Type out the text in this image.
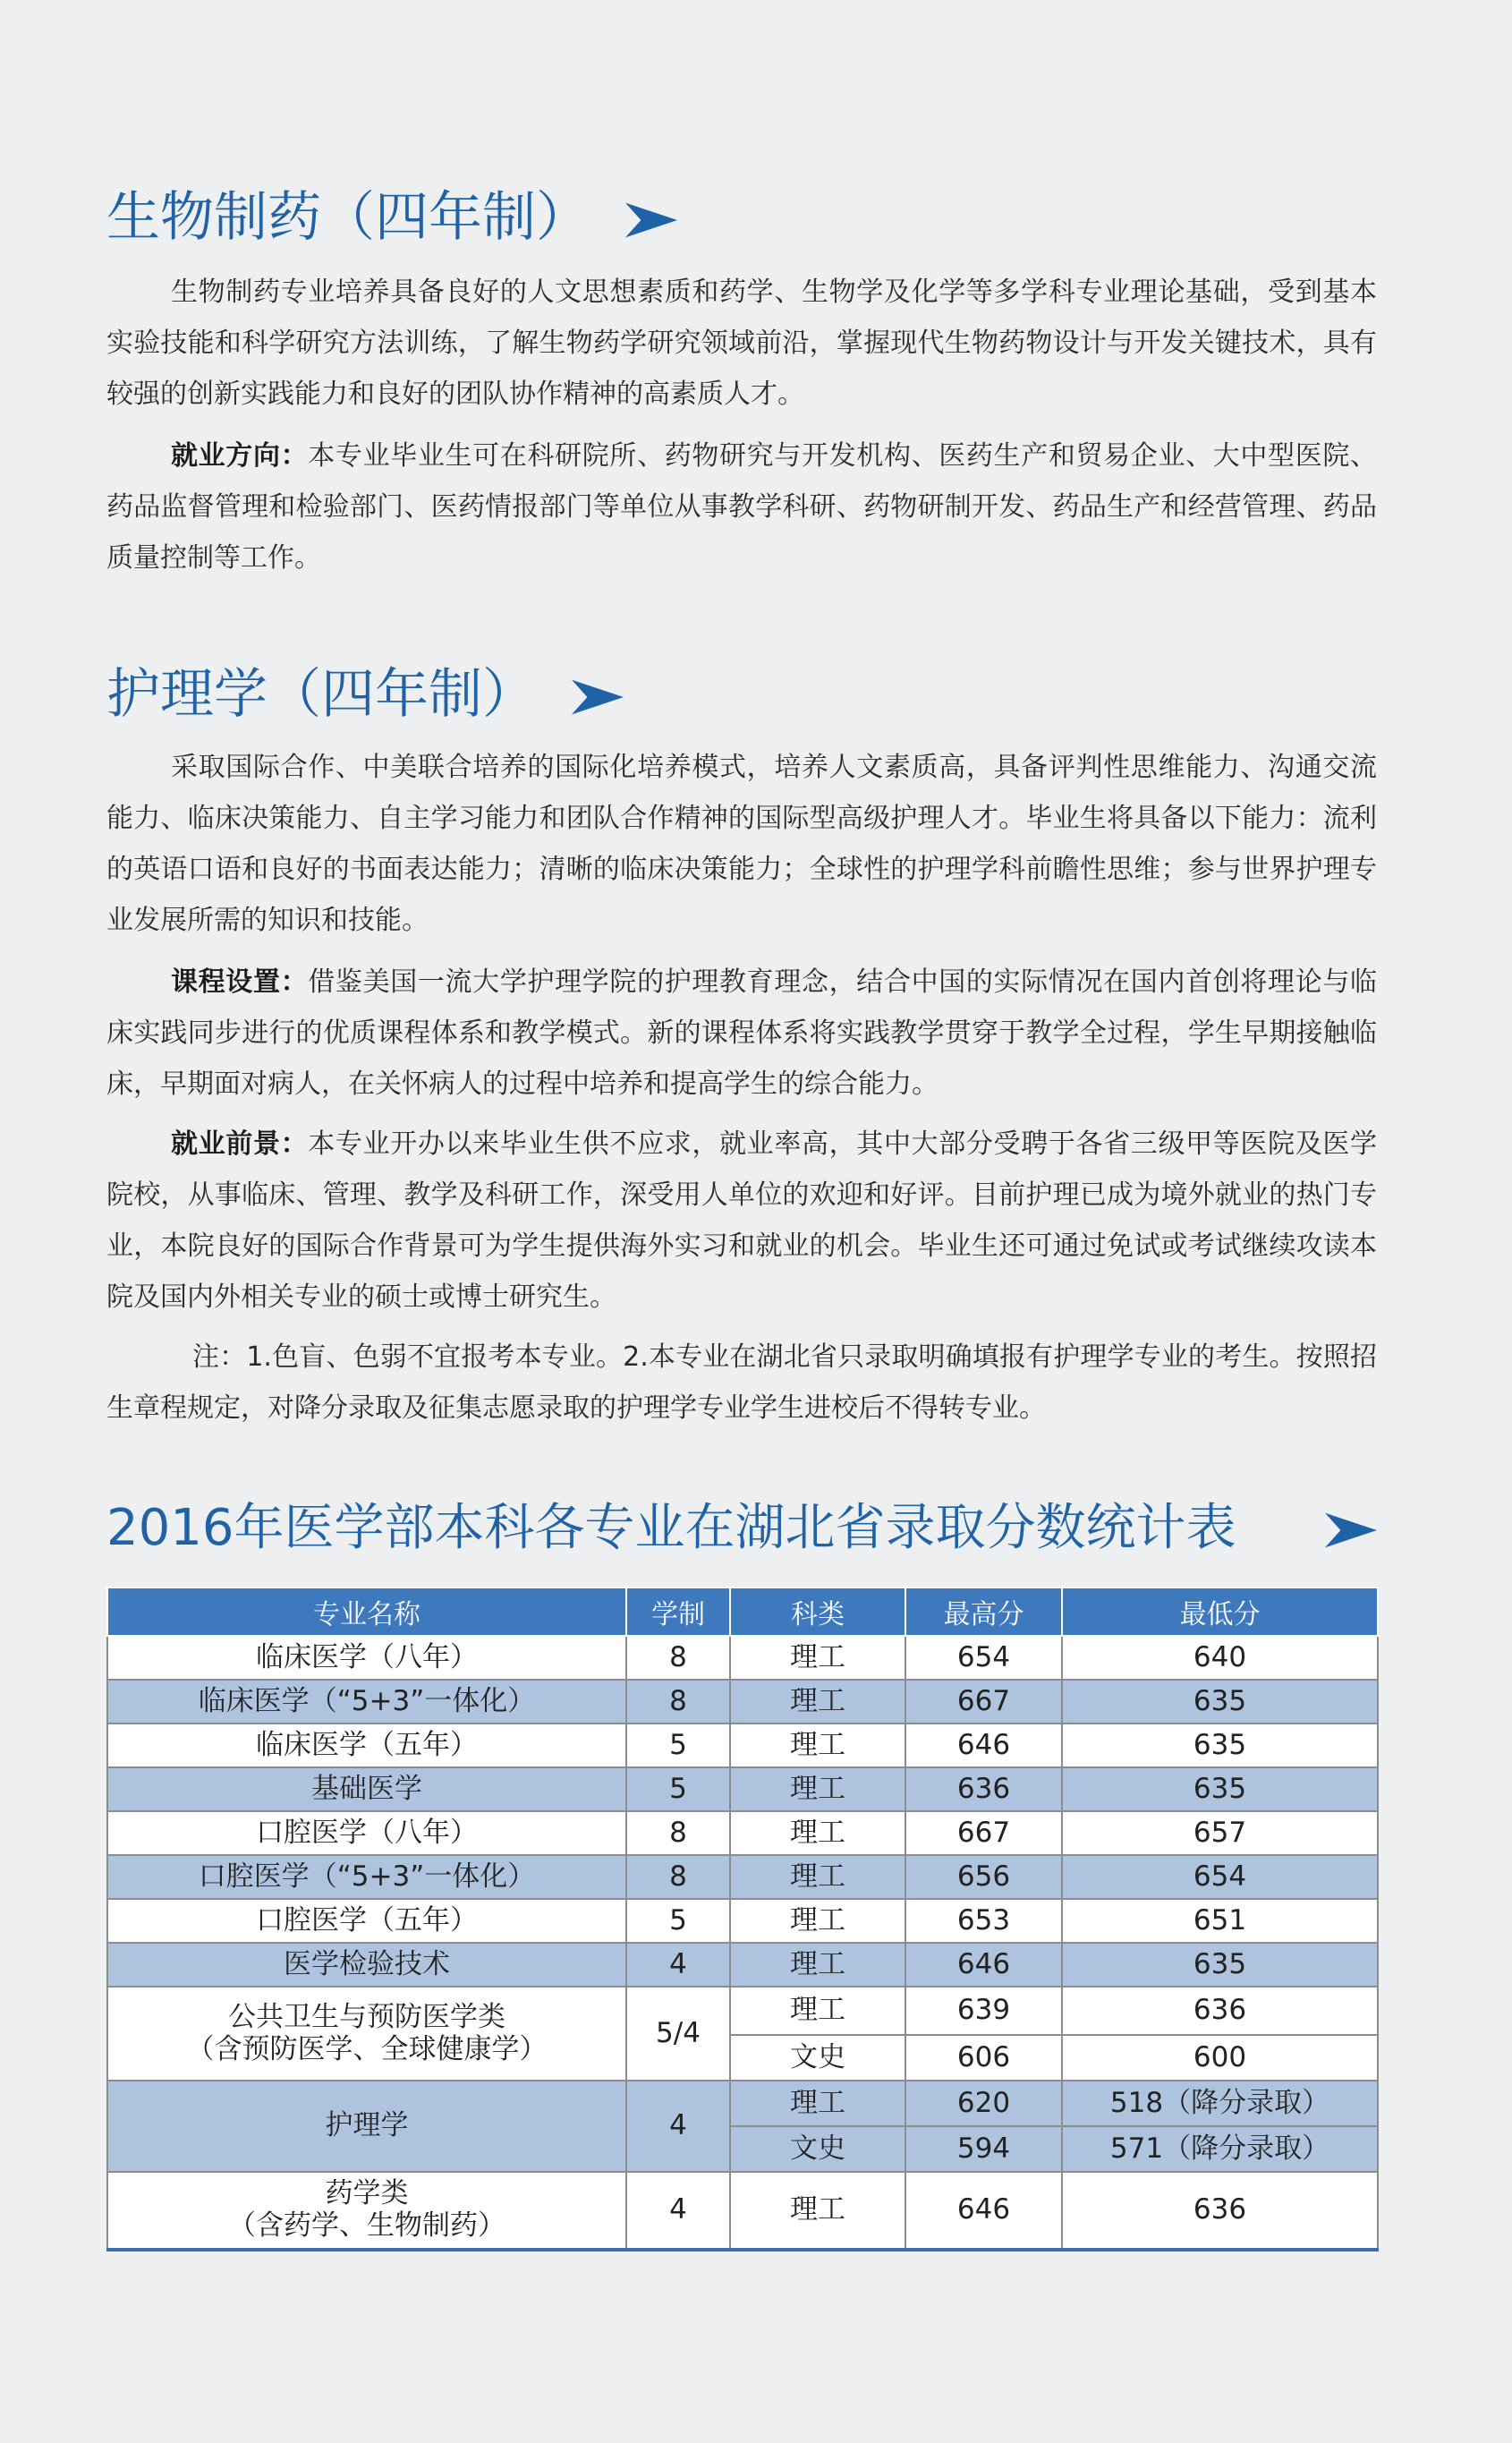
生物制药（四年制）

生物制药专业培养具备良好的人文思想素质和药学、生物学及化学等多学科专业理论基础，受到基本实验技能和科学研究方法训练，了解生物药学研究领域前沿，掌握现代生物药物设计与开发关键技术，具有较强的创新实践能力和良好的团队协作精神的高素质人才。

就业方向：本专业毕业生可在科研院所、药物研究与开发机构、医药生产和贸易企业、大中型医院、药品监督管理和检验部门、医药情报部门等单位从事教学科研、药物研制开发、药品生产和经营管理、药品质量控制等工作。

护理学（四年制）

采取国际合作、中美联合培养的国际化培养模式，培养人文素质高，具备评判性思维能力、沟通交流能力、临床决策能力、自主学习能力和团队合作精神的国际型高级护理人才。毕业生将具备以下能力：流利的英语口语和良好的书面表达能力；清晰的临床决策能力；全球性的护理学科前瞻性思维；参与世界护理专业发展所需的知识和技能。

课程设置：借鉴美国一流大学护理学院的护理教育理念，结合中国的实际情况在国内首创将理论与临床实践同步进行的优质课程体系和教学模式。新的课程体系将实践教学贯穿于教学全过程，学生早期接触临床，早期面对病人，在关怀病人的过程中培养和提高学生的综合能力。

就业前景：本专业开办以来毕业生供不应求，就业率高，其中大部分受聘于各省三级甲等医院及医学院校，从事临床、管理、教学及科研工作，深受用人单位的欢迎和好评。目前护理已成为境外就业的热门专业，本院良好的国际合作背景可为学生提供海外实习和就业的机会。毕业生还可通过免试或考试继续攻读本院及国内外相关专业的硕士或博士研究生。

注：1.色盲、色弱不宜报考本专业。2.本专业在湖北省只录取明确填报有护理学专业的考生。按照招生章程规定，对降分录取及征集志愿录取的护理学专业学生进校后不得转专业。

2016年医学部本科各专业在湖北省录取分数统计表
专业名称	学制	科类	最高分	最低分
临床医学（八年）	8	理工	654	640
临床医学（“5+3”一体化）	8	理工	667	635
临床医学（五年）	5	理工	646	635
基础医学	5	理工	636	635
口腔医学（八年）	8	理工	667	657
口腔医学（“5+3”一体化）	8	理工	656	654
口腔医学（五年）	5	理工	653	651
医学检验技术	4	理工	646	635

公共卫生与预防医学类
（含预防医学、全球健康学）	5/4	理工	639	636
		文史	606	600
护理学	4	理工	620	518（降分录取）
		文史	594	571（降分录取）

药学类
（含药学、生物制药）	4	理工	646	636
